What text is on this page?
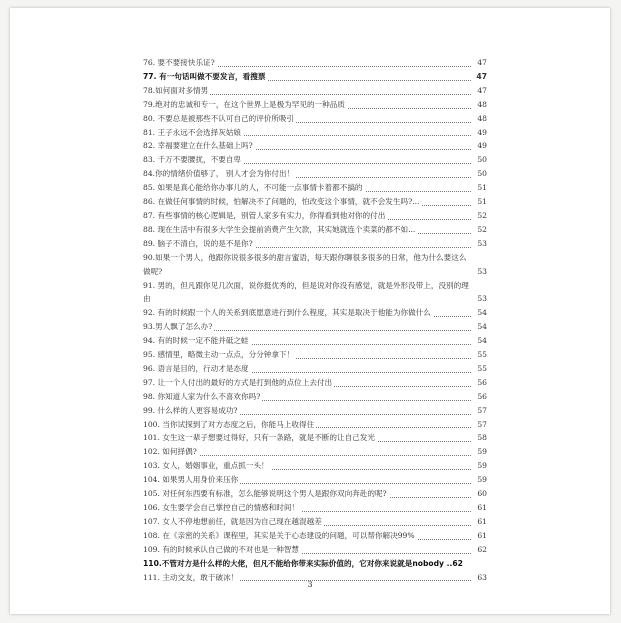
76. 要不要接快乐证?	47
77. 有一句话叫做不要发言，看搜票	47
78.如何面对多情男	47
79.绝对的忠诚和专一，在这个世界上是极为罕见的一种品质	48
80. 不要总是被那些不认可自己的评价所吸引	48
81. 王子永远不会选择灰姑娘	49
82. 幸福要建立在什么基础上吗?	49
83. 千万不要腰扰，不要自卑	50
84.你的情绪价值够了， 别人才会为你付出！	50
85. 如果是真心能给你办事儿的人，不可能一点事情卡着都不搞的	51
86. 在做任何事情的时候，怕解决不了问题的，怕改变这个事情，就不会发生吗?...	51
87. 有些事情的核心逻辑是，别管人家多有实力，你得看到他对你的付出	52
88. 现在生活中有很多大学生会提前消费产生欠款，其实她就连个卖菜的都不如...	52
89. 脑子不清白，说的是不是你?	53
90.如果一个男人，他跟你说很多很多的甜言蜜语，每天跟你聊很多很多的日常，他为什么要这么做呢?	53
91. 男的，但凡跟你见几次面，说你挺优秀的，但是说对你没有感觉，就是外形没带上，没别的理由	53
92. 有的时候跟一个人的关系到底愿意进行到什么程度，其实是取决于他能为你做什么	54
93.男人飘了怎么办?	54
94. 有的时候一定不能并砥之蛙	54
95. 感情里，略微主动一点点，分分钟拿下！	55
96. 语言是目的，行动才是态度	55
97. 让一个人付出的最好的方式是打到他的点位上去付出	56
98. 你知道人家为什么不喜欢你吗?	56
99. 什么样的人更容易成功?	57
100. 当你试探到了对方态度之后，你能马上收得住	57
101. 女生这一辈子想要过得好，只有一条路，就是不断的让自己发光	58
102. 如何择偶?	59
103. 女人，婚姻事业，重点抓一头！	59
104. 如果男人用身价来压你	59
105. 对任何东西要有标准，怎么能够说明这个男人是跟你双向奔赴的呢?	60
106. 女生要学会自己掌控自己的情感和时间！	61
107. 女人不停地想前任，就是因为自己现在越混越差	61
108. 在《亲密的关系》课程里，其实是关于心态建设的问题，可以帮你解决99%	61
109. 有的时候承认自己做的不对也是一种智慧	62
110.不管对方是什么样的大佬，但凡不能给你带来实际价值的，它对你来说就是nobody ..62
111. 主动交友，敢于破冰！	63
3
